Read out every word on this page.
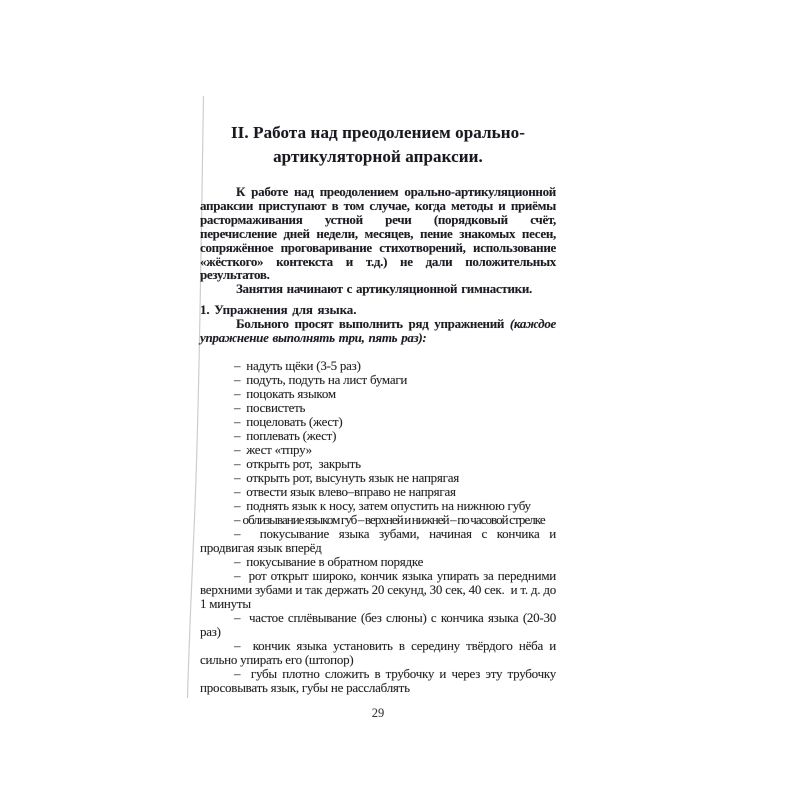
II. Работа над преодолением орально-
артикуляторной апраксии.

К работе над преодолением орально-артикуляционной апраксии приступают в том случае, когда методы и приёмы растормаживания устной речи (порядковый счёт, перечисление дней недели, месяцев, пение знакомых песен, сопряжённое проговаривание стихотворений, использование «жёсткого» контекста и т.д.) не дали положительных результатов.

Занятия начинают с артикуляционной гимнастики.

1. Упражнения для языка.

Больного просят выполнить ряд упражнений (каждое упражнение выполнять три, пять раз):

–  надуть щёки (3-5 раз)

–  подуть, подуть на лист бумаги

–  поцокать языком

–  посвистеть

–  поцеловать (жест)

–  поплевать (жест)

–  жест «тпру»

–  открыть рот,  закрыть

–  открыть рот, высунуть язык не напрягая

–  отвести язык влево–вправо не напрягая

–  поднять язык к носу, затем опустить на нижнюю губу

–  облизывание языком губ – верхней и нижней – по часовой стрелке

–  покусывание языка зубами, начиная с кончика и продвигая язык вперёд

–  покусывание в обратном порядке

–  рот открыт широко, кончик языка упирать за передними верхними зубами и так держать 20 секунд, 30 сек, 40 сек.  и т. д. до 1 минуты

–  частое сплёвывание (без слюны) с кончика языка (20-30 раз)

–  кончик языка установить в середину твёрдого нёба и сильно упирать его (штопор)

–  губы плотно сложить в трубочку и через эту трубочку просовывать язык, губы не расслаблять

29
